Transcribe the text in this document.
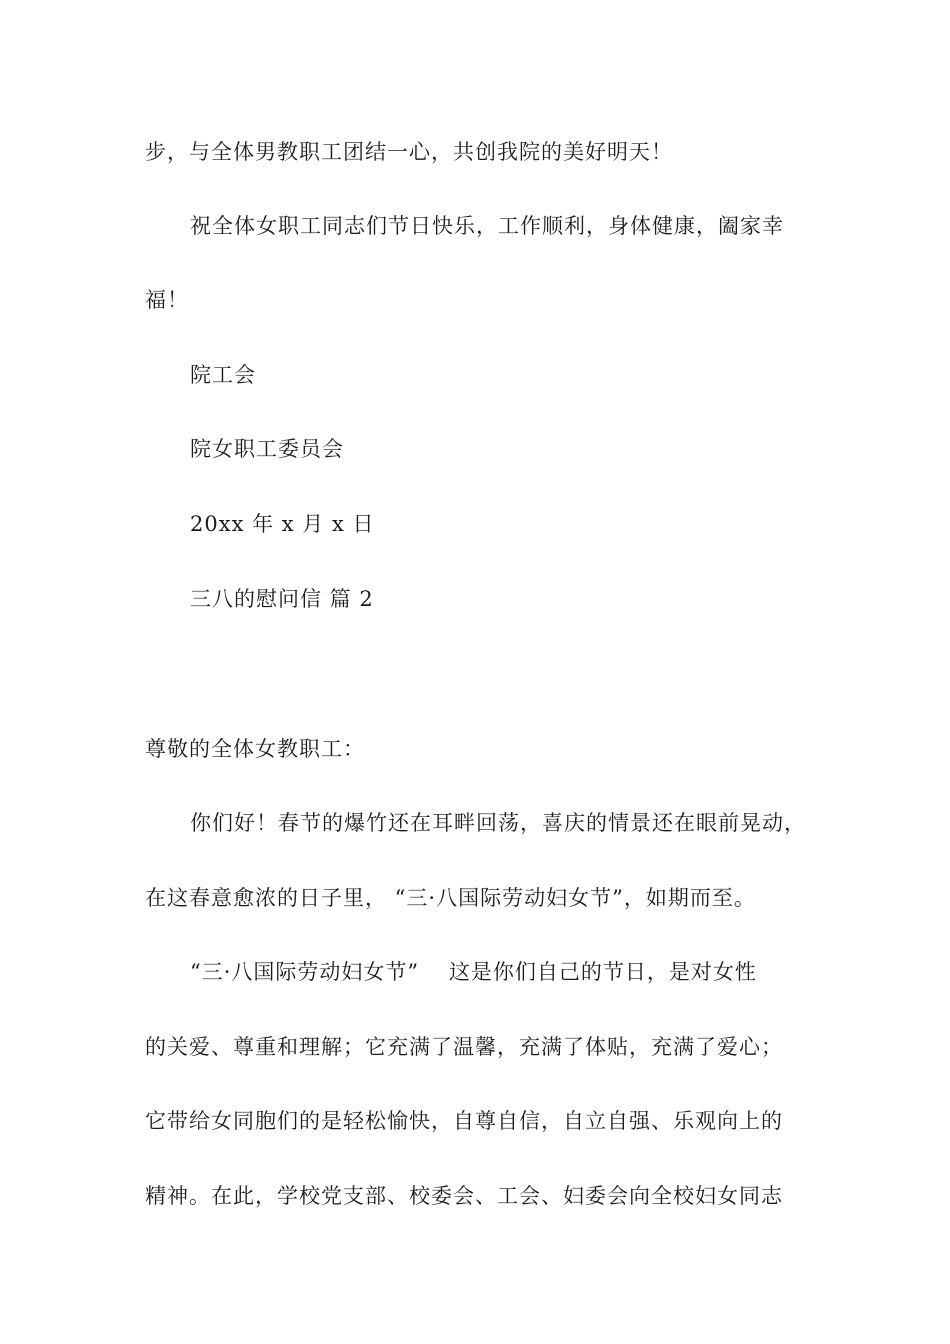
步，与全体男教职工团结一心，共创我院的美好明天！
祝全体女职工同志们节日快乐，工作顺利，身体健康，阖家幸
福！
院工会
院女职工委员会
20xx 年 x 月 x 日
三八的慰问信 篇 2
尊敬的全体女教职工：
你们好！春节的爆竹还在耳畔回荡，喜庆的情景还在眼前晃动，
在这春意愈浓的日子里， “三·八国际劳动妇女节”，如期而至。
“三·八国际劳动妇女节”　 这是你们自己的节日，是对女性
的关爱、尊重和理解；它充满了温馨，充满了体贴，充满了爱心；
它带给女同胞们的是轻松愉快，自尊自信，自立自强、乐观向上的
精神。在此，学校党支部、校委会、工会、妇委会向全校妇女同志
